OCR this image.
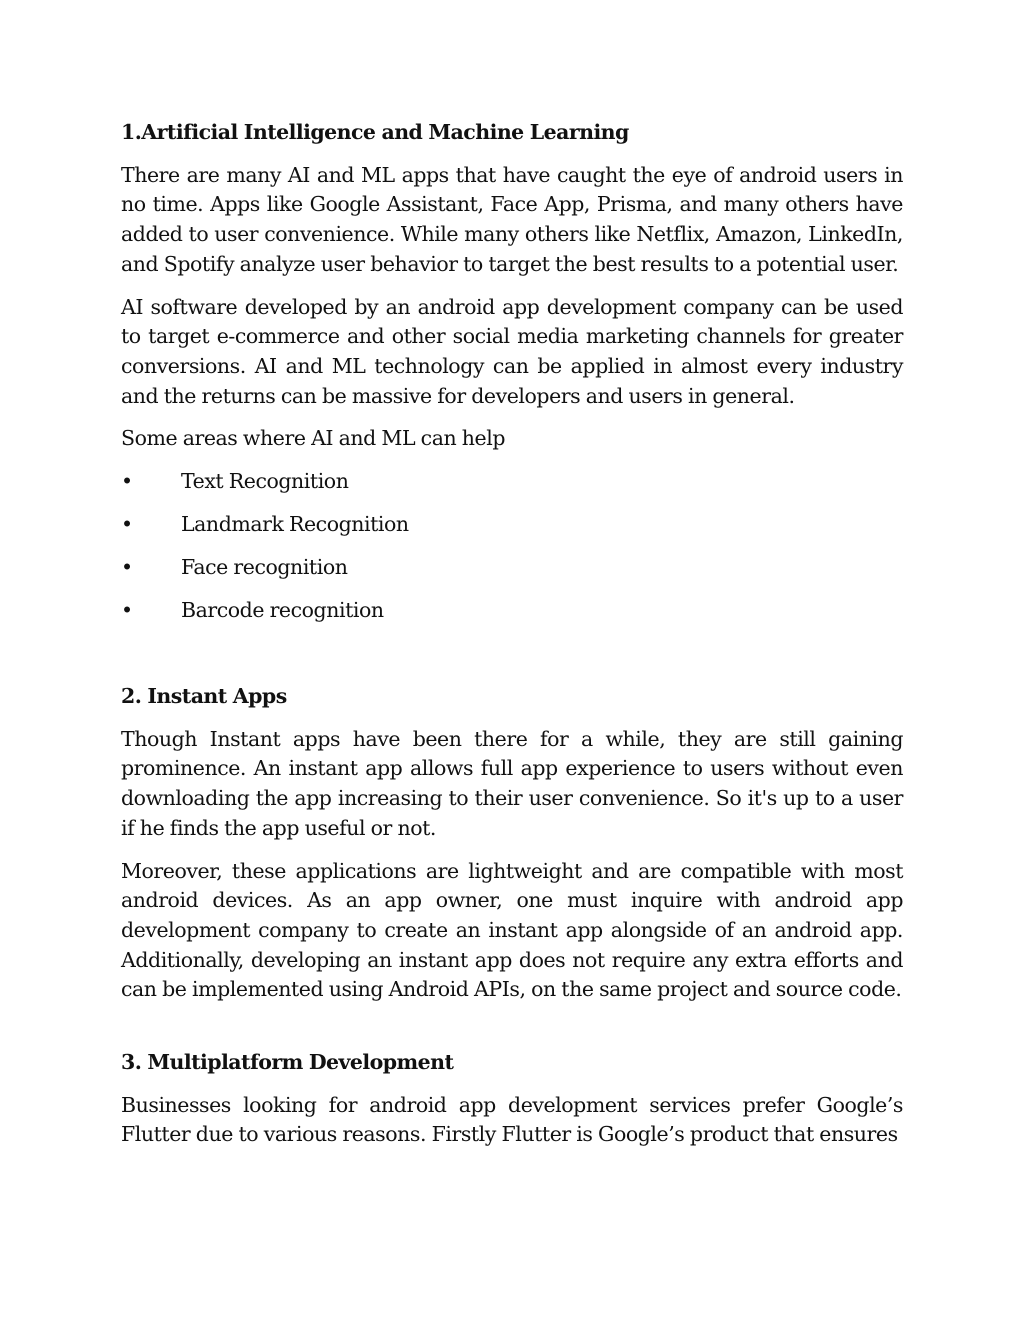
1.Artificial Intelligence and Machine Learning

There are many AI and ML apps that have caught the eye of android users in no time. Apps like Google Assistant, Face App, Prisma, and many others have added to user convenience. While many others like Netflix, Amazon, LinkedIn, and Spotify analyze user behavior to target the best results to a potential user.

AI software developed by an android app development company can be used to target e-commerce and other social media marketing channels for greater conversions. AI and ML technology can be applied in almost every industry and the returns can be massive for developers and users in general.

Some areas where AI and ML can help

•	Text Recognition
•	Landmark Recognition
•	Face recognition
•	Barcode recognition
2. Instant Apps

Though Instant apps have been there for a while, they are still gaining prominence. An instant app allows full app experience to users without even downloading the app increasing to their user convenience. So it's up to a user if he finds the app useful or not.

Moreover, these applications are lightweight and are compatible with most android devices. As an app owner, one must inquire with android app development company to create an instant app alongside of an android app. Additionally, developing an instant app does not require any extra efforts and can be implemented using Android APIs, on the same project and source code.

3. Multiplatform Development

Businesses looking for android app development services prefer Google’s Flutter due to various reasons. Firstly Flutter is Google’s product that ensures
